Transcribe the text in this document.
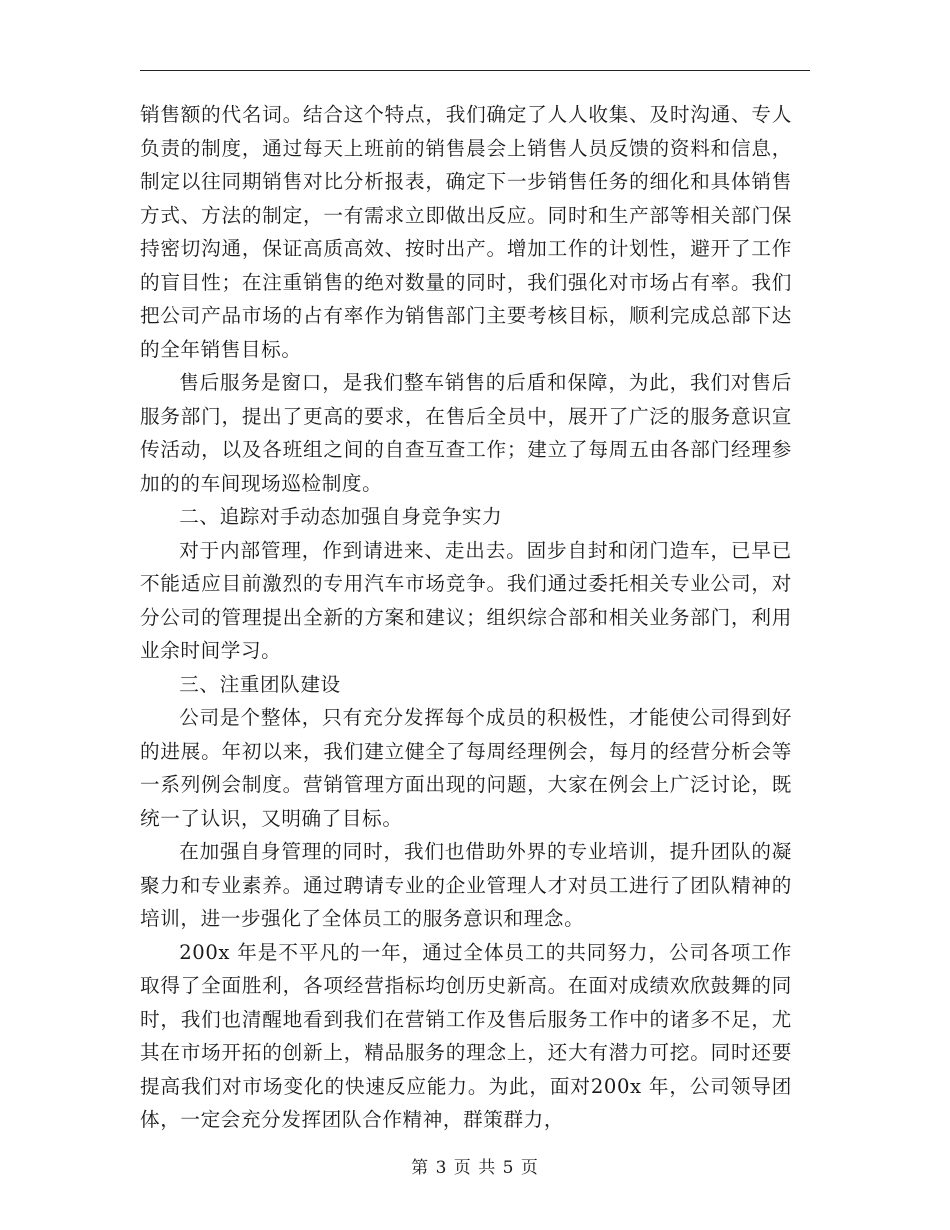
销售额的代名词。结合这个特点，我们确定了人人收集、及时沟通、专人负责的制度，通过每天上班前的销售晨会上销售人员反馈的资料和信息，制定以往同期销售对比分析报表，确定下一步销售任务的细化和具体销售方式、方法的制定，一有需求立即做出反应。同时和生产部等相关部门保持密切沟通，保证高质高效、按时出产。增加工作的计划性，避开了工作的盲目性；在注重销售的绝对数量的同时，我们强化对市场占有率。我们把公司产品市场的占有率作为销售部门主要考核目标，顺利完成总部下达的全年销售目标。

售后服务是窗口，是我们整车销售的后盾和保障，为此，我们对售后服务部门，提出了更高的要求，在售后全员中，展开了广泛的服务意识宣传活动，以及各班组之间的自查互查工作；建立了每周五由各部门经理参加的的车间现场巡检制度。

二、追踪对手动态加强自身竞争实力

对于内部管理，作到请进来、走出去。固步自封和闭门造车，已早已不能适应目前激烈的专用汽车市场竞争。我们通过委托相关专业公司，对分公司的管理提出全新的方案和建议；组织综合部和相关业务部门，利用业余时间学习。

三、注重团队建设

公司是个整体，只有充分发挥每个成员的积极性，才能使公司得到好的进展。年初以来，我们建立健全了每周经理例会，每月的经营分析会等一系列例会制度。营销管理方面出现的问题，大家在例会上广泛讨论，既统一了认识，又明确了目标。

在加强自身管理的同时，我们也借助外界的专业培训，提升团队的凝聚力和专业素养。通过聘请专业的企业管理人才对员工进行了团队精神的培训，进一步强化了全体员工的服务意识和理念。

200x 年是不平凡的一年，通过全体员工的共同努力，公司各项工作取得了全面胜利，各项经营指标均创历史新高。在面对成绩欢欣鼓舞的同时，我们也清醒地看到我们在营销工作及售后服务工作中的诸多不足，尤其在市场开拓的创新上，精品服务的理念上，还大有潜力可挖。同时还要提高我们对市场变化的快速反应能力。为此，面对200x 年，公司领导团体，一定会充分发挥团队合作精神，群策群力，

第 3 页 共 5 页
